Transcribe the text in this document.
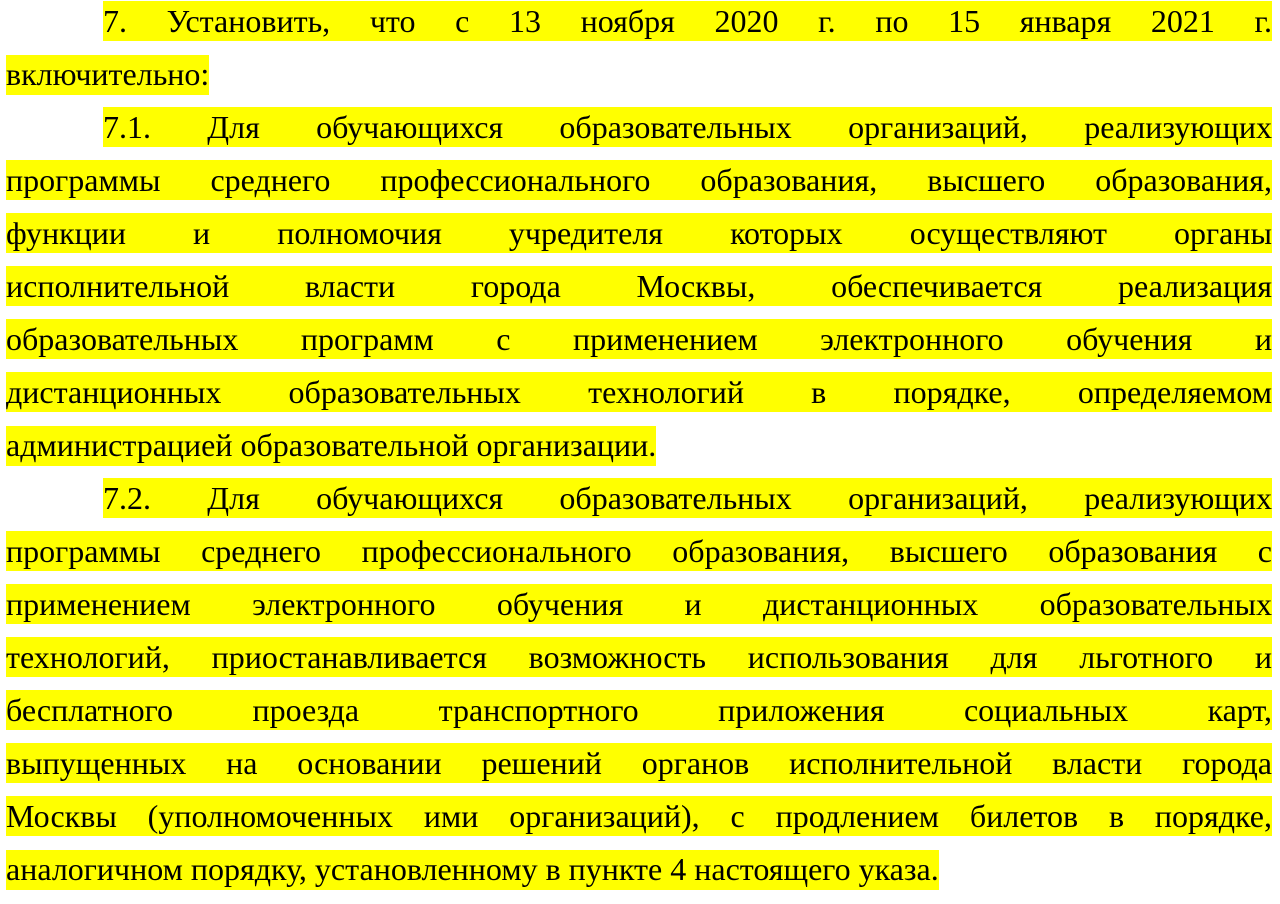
7. Установить, что с 13 ноября 2020 г. по 15 января 2021 г.
включительно:
7.1. Для обучающихся образовательных организаций, реализующих
программы среднего профессионального образования, высшего образования,
функции и полномочия учредителя которых осуществляют органы
исполнительной власти города Москвы, обеспечивается реализация
образовательных программ с применением электронного обучения и
дистанционных образовательных технологий в порядке, определяемом
администрацией образовательной организации.
7.2. Для обучающихся образовательных организаций, реализующих
программы среднего профессионального образования, высшего образования с
применением электронного обучения и дистанционных образовательных
технологий, приостанавливается возможность использования для льготного и
бесплатного проезда транспортного приложения социальных карт,
выпущенных на основании решений органов исполнительной власти города
Москвы (уполномоченных ими организаций), с продлением билетов в порядке,
аналогичном порядку, установленному в пункте 4 настоящего указа.
